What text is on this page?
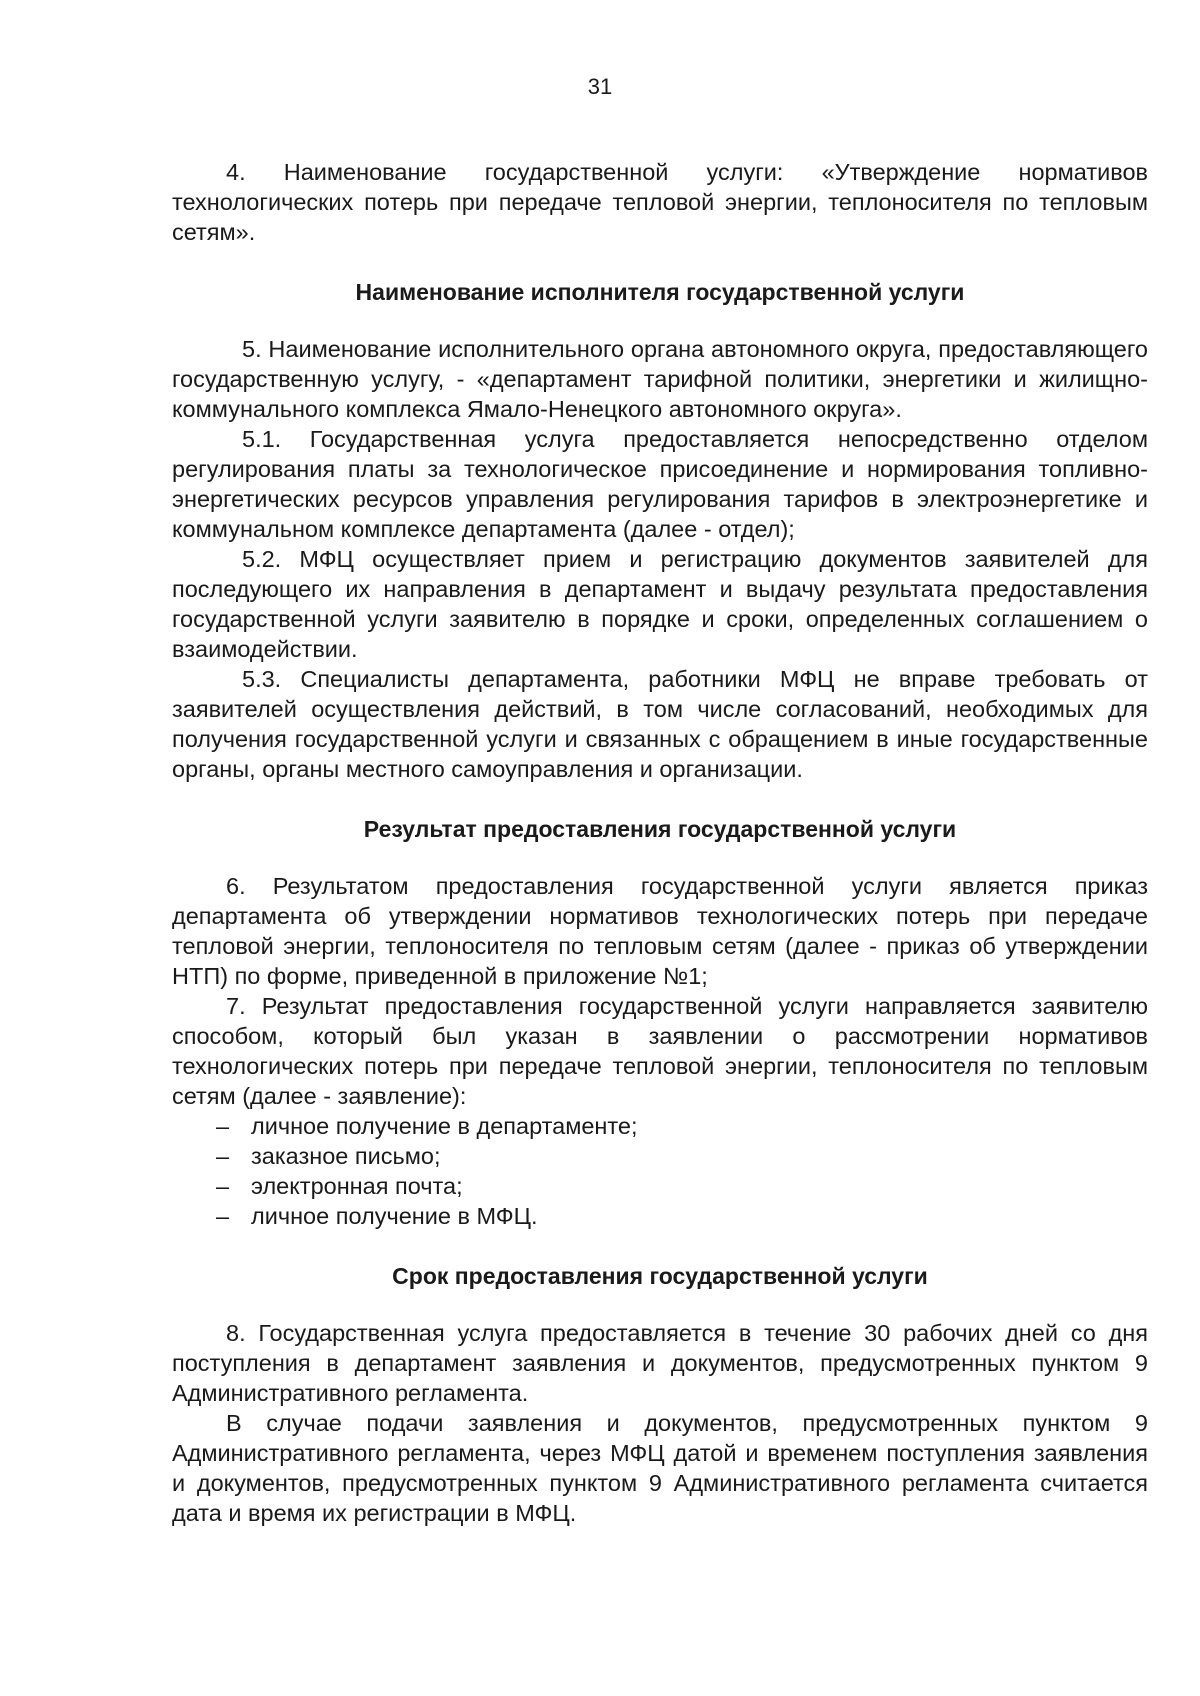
31

4. Наименование государственной услуги: «Утверждение нормативов технологических потерь при передаче тепловой энергии, теплоносителя по тепловым сетям».

Наименование исполнителя государственной услуги

5. Наименование исполнительного органа автономного округа, предоставляющего государственную услугу, - «департамент тарифной политики, энергетики и жилищно-коммунального комплекса Ямало-Ненецкого автономного округа».

5.1. Государственная услуга предоставляется непосредственно отделом регулирования платы за технологическое присоединение и нормирования топливно-энергетических ресурсов управления регулирования тарифов в электроэнергетике и коммунальном комплексе департамента (далее - отдел);

5.2. МФЦ осуществляет прием и регистрацию документов заявителей для последующего их направления в департамент и выдачу результата предоставления государственной услуги заявителю в порядке и сроки, определенных соглашением о взаимодействии.

5.3. Специалисты департамента, работники МФЦ не вправе требовать от заявителей осуществления действий, в том числе согласований, необходимых для получения государственной услуги и связанных с обращением в иные государственные органы, органы местного самоуправления и организации.

Результат предоставления государственной услуги

6. Результатом предоставления государственной услуги является приказ департамента об утверждении нормативов технологических потерь при передаче тепловой энергии, теплоносителя по тепловым сетям (далее - приказ об утверждении НТП) по форме, приведенной в приложение №1;

7. Результат предоставления государственной услуги направляется заявителю способом, который был указан в заявлении о рассмотрении нормативов технологических потерь при передаче тепловой энергии, теплоносителя по тепловым сетям (далее - заявление):

– личное получение в департаменте;
– заказное письмо;
– электронная почта;
– личное получение в МФЦ.
Срок предоставления государственной услуги

8. Государственная услуга предоставляется в течение 30 рабочих дней со дня поступления в департамент заявления и документов, предусмотренных пунктом 9 Административного регламента.

В случае подачи заявления и документов, предусмотренных пунктом 9 Административного регламента, через МФЦ датой и временем поступления заявления и документов, предусмотренных пунктом 9 Административного регламента считается дата и время их регистрации в МФЦ.
